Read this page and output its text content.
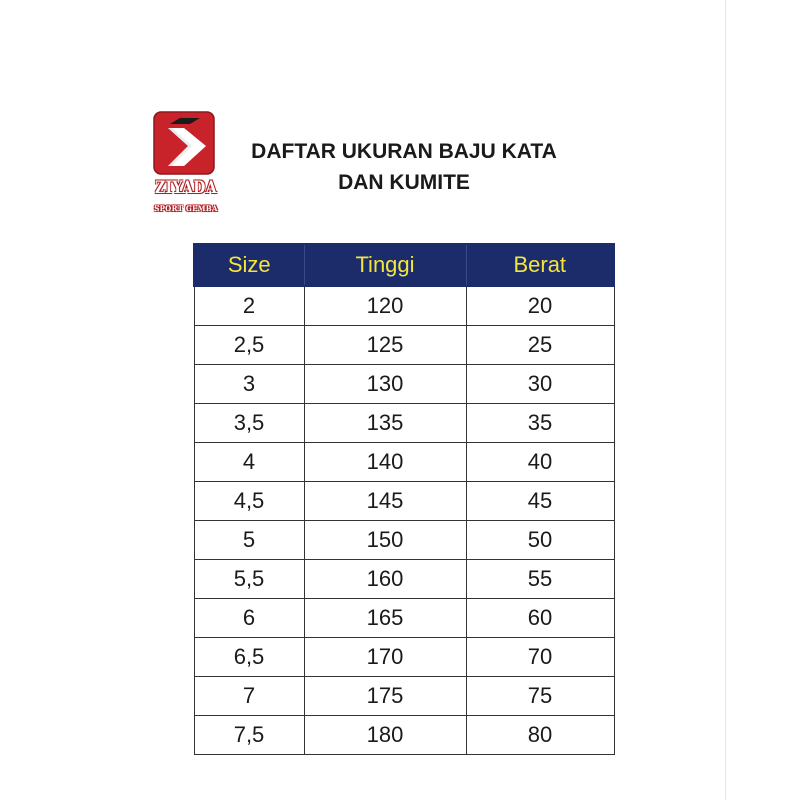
ZIYADA
SPORT GEMBA
DAFTAR UKURAN BAJU KATA
DAN KUMITE
Size	Tinggi	Berat
2	120	20
2,5	125	25
3	130	30
3,5	135	35
4	140	40
4,5	145	45
5	150	50
5,5	160	55
6	165	60
6,5	170	70
7	175	75
7,5	180	80
